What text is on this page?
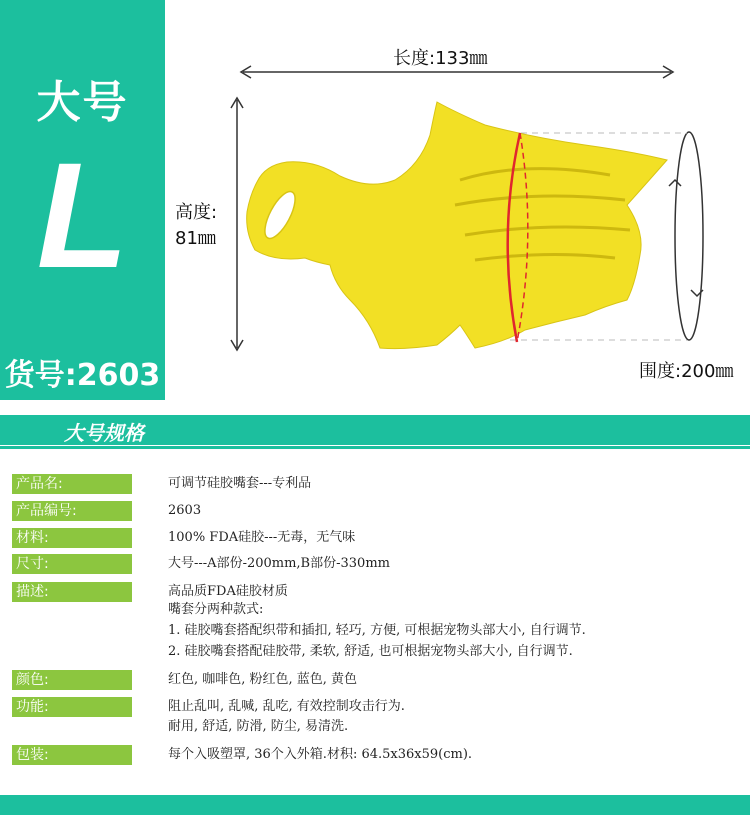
大号
L
货号:2603
长度:133㎜
高度:
81㎜
围度:200㎜
大号规格
产品名:	可调节硅胶嘴套---专利品
产品编号:	2603
材料:	100% FDA硅胶---无毒，无气味
尺寸:	大号---A部份-200mm,B部份-330mm
描述:	高品质FDA硅胶材质
嘴套分两种款式:
1. 硅胶嘴套搭配织带和插扣, 轻巧, 方便, 可根据宠物头部大小, 自行调节.
2. 硅胶嘴套搭配硅胶带, 柔软, 舒适, 也可根据宠物头部大小, 自行调节.
颜色:	红色, 咖啡色, 粉红色, 蓝色, 黄色
功能:	阻止乱叫, 乱喊, 乱吃, 有效控制攻击行为.
耐用, 舒适, 防滑, 防尘, 易清洗.
包装:	每个入吸塑罩, 36个入外箱.材积: 64.5x36x59(cm).
